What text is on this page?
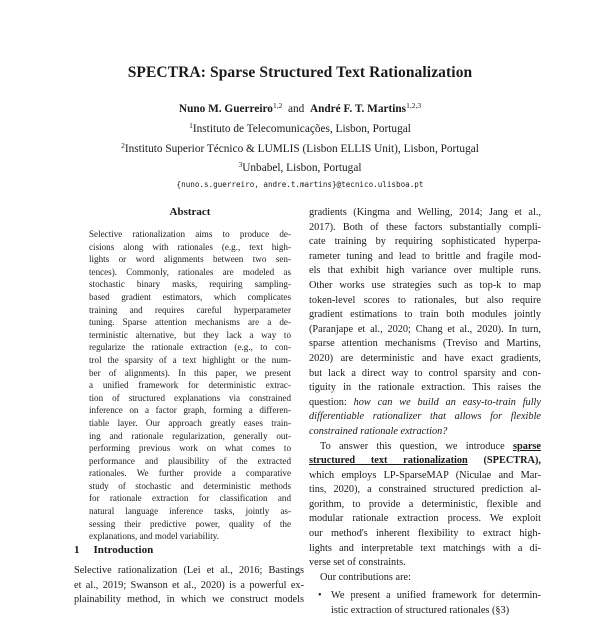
SPECTRA: Sparse Structured Text Rationalization
Nuno M. Guerreiro$^{1,2}$ and André F. T. Martins$^{1,2,3}$
$^1$Instituto de Telecomunicações, Lisbon, Portugal
$^2$Instituto Superior Técnico & LUMLIS (Lisbon ELLIS Unit), Lisbon, Portugal
$^3$Unbabel, Lisbon, Portugal
{nuno.s.guerreiro, andre.t.martins}@tecnico.ulisboa.pt
Abstract
Selective rationalization aims to produce de-
cisions along with rationales (e.g., text high-
lights or word alignments between two sen-
tences). Commonly, rationales are modeled as
stochastic binary masks, requiring sampling-
based gradient estimators, which complicates
training and requires careful hyperparameter
tuning. Sparse attention mechanisms are a de-
terministic alternative, but they lack a way to
regularize the rationale extraction (e.g., to con-
trol the sparsity of a text highlight or the num-
ber of alignments). In this paper, we present
a unified framework for deterministic extrac-
tion of structured explanations via constrained
inference on a factor graph, forming a differen-
tiable layer. Our approach greatly eases train-
ing and rationale regularization, generally out-
performing previous work on what comes to
performance and plausibility of the extracted
rationales. We further provide a comparative
study of stochastic and deterministic methods
for rationale extraction for classification and
natural language inference tasks, jointly as-
sessing their predictive power, quality of the
explanations, and model variability.
1 Introduction
Selective rationalization (Lei et al., 2016; Bastings
et al., 2019; Swanson et al., 2020) is a powerful ex-
plainability method, in which we construct models
gradients (Kingma and Welling, 2014; Jang et al.,
2017). Both of these factors substantially compli-
cate training by requiring sophisticated hyperpa-
rameter tuning and lead to brittle and fragile mod-
els that exhibit high variance over multiple runs.
Other works use strategies such as top-k to map
token-level scores to rationales, but also require
gradient estimations to train both modules jointly
(Paranjape et al., 2020; Chang et al., 2020). In turn,
sparse attention mechanisms (Treviso and Martins,
2020) are deterministic and have exact gradients,
but lack a direct way to control sparsity and con-
tiguity in the rationale extraction. This raises the
question: how can we build an easy-to-train fully
differentiable rationalizer that allows for flexible
constrained rationale extraction?
To answer this question, we introduce sparse
structured text rationalization (SPECTRA),
which employs LP-SparseMAP (Niculae and Mar-
tins, 2020), a constrained structured prediction al-
gorithm, to provide a deterministic, flexible and
modular rationale extraction process. We exploit
our method's inherent flexibility to extract high-
lights and interpretable text matchings with a di-
verse set of constraints.
Our contributions are:
• We present a unified framework for determin-
istic extraction of structured rationales (§3)
